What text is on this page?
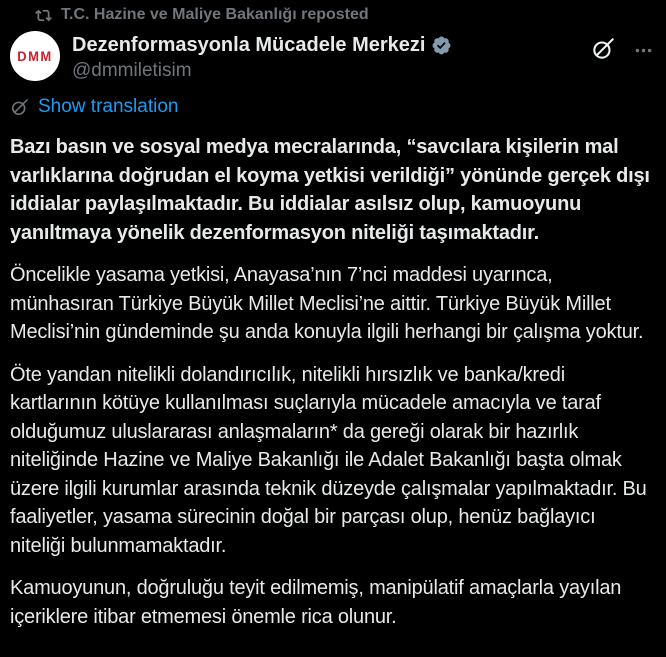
T.C. Hazine ve Maliye Bakanlığı reposted
DMM Dezenformasyonla Mücadele Merkezi
@dmmiletisim
Show translation

Bazı basın ve sosyal medya mecralarında, “savcılara kişilerin mal varlıklarına doğrudan el koyma yetkisi verildiği” yönünde gerçek dışı iddialar paylaşılmaktadır. Bu iddialar asılsız olup, kamuoyunu yanıltmaya yönelik dezenformasyon niteliği taşımaktadır.

Öncelikle yasama yetkisi, Anayasa’nın 7’nci maddesi uyarınca, münhasıran Türkiye Büyük Millet Meclisi’ne aittir. Türkiye Büyük Millet Meclisi’nin gündeminde şu anda konuyla ilgili herhangi bir çalışma yoktur.

Öte yandan nitelikli dolandırıcılık, nitelikli hırsızlık ve banka/kredi kartlarının kötüye kullanılması suçlarıyla mücadele amacıyla ve taraf olduğumuz uluslararası anlaşmaların* da gereği olarak bir hazırlık niteliğinde Hazine ve Maliye Bakanlığı ile Adalet Bakanlığı başta olmak üzere ilgili kurumlar arasında teknik düzeyde çalışmalar yapılmaktadır. Bu faaliyetler, yasama sürecinin doğal bir parçası olup, henüz bağlayıcı niteliği bulunmamaktadır.

Kamuoyunun, doğruluğu teyit edilmemiş, manipülatif amaçlarla yayılan içeriklere itibar etmemesi önemle rica olunur.
